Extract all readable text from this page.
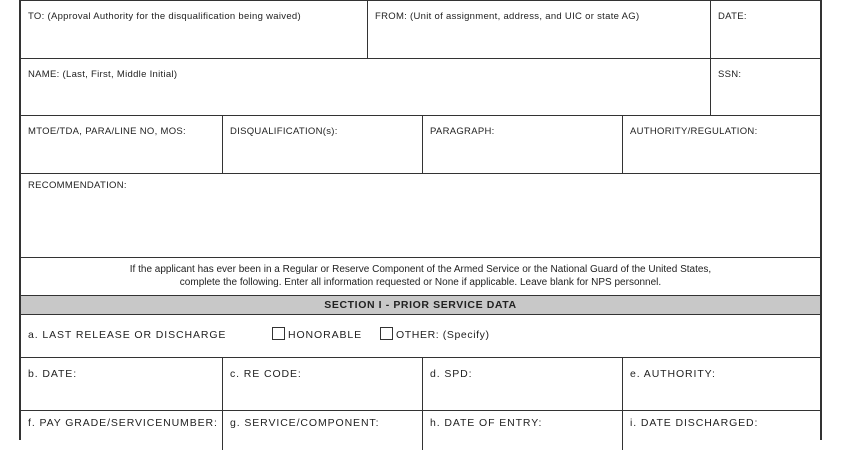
TO: (Approval Authority for the disqualification being waived)	FROM: (Unit of assignment, address, and UIC or state AG)	DATE:
NAME: (Last, First, Middle Initial)	SSN:
MTOE/TDA, PARA/LINE NO, MOS:	DISQUALIFICATION(s):	PARAGRAPH:	AUTHORITY/REGULATION:
RECOMMENDATION:
If the applicant has ever been in a Regular or Reserve Component of the Armed Service or the National Guard of the United States,
complete the following. Enter all information requested or None if applicable. Leave blank for NPS personnel.
SECTION I - PRIOR SERVICE DATA
a. LAST RELEASE OR DISCHARGE	HONORABLE	OTHER: (Specify)
b. DATE:	c. RE CODE:	d. SPD:	e. AUTHORITY:
f. PAY GRADE/SERVICENUMBER: g. SERVICE/COMPONENT:	h. DATE OF ENTRY:	i. DATE DISCHARGED:
